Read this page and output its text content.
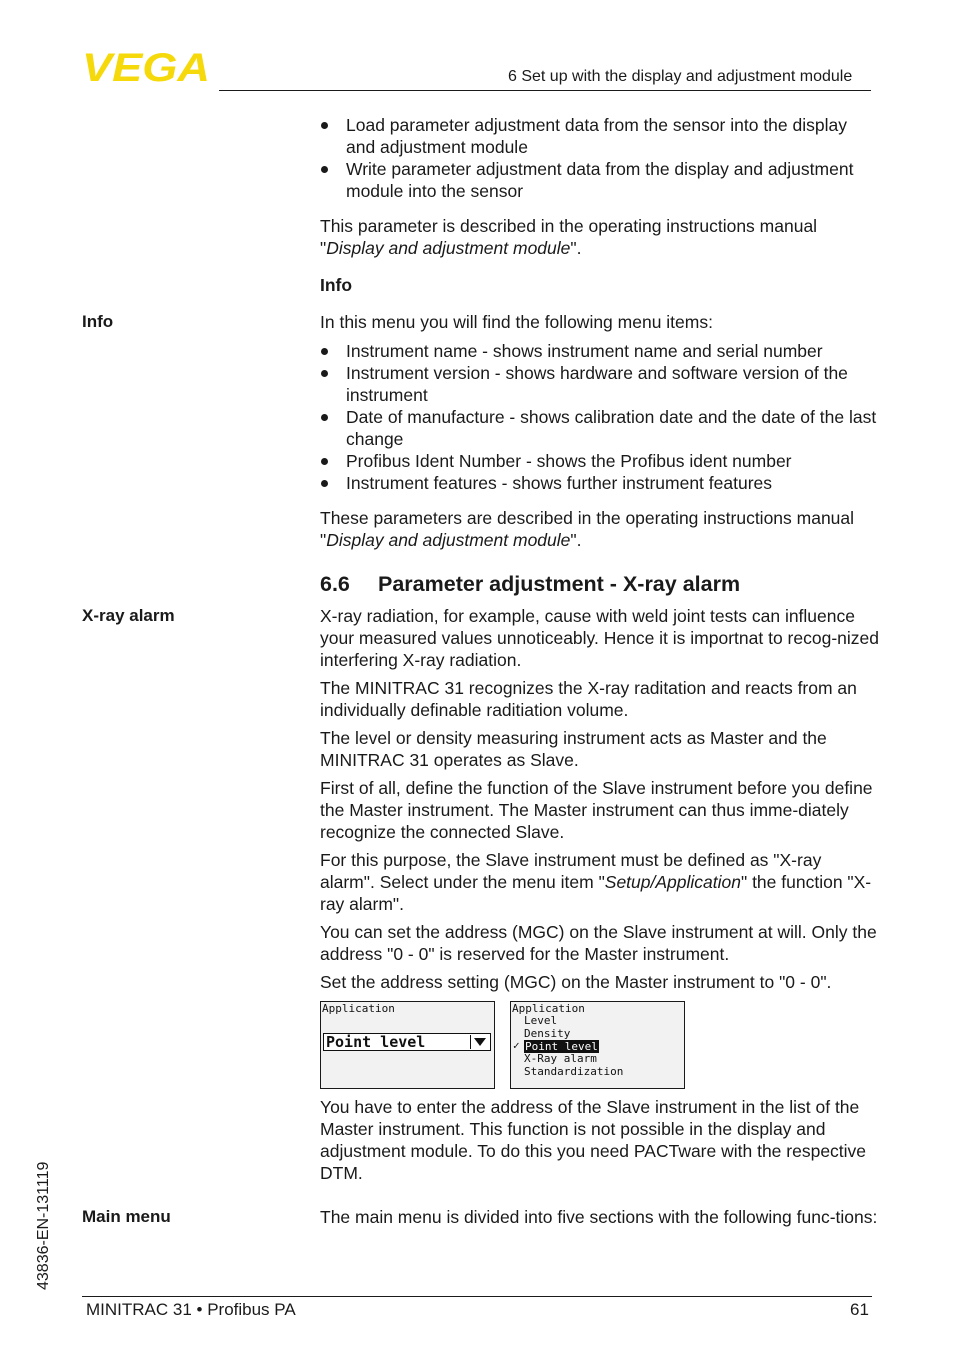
VEGA	6 Set up with the display and adjustment module
Load parameter adjustment data from the sensor into the display and adjustment module
Write parameter adjustment data from the display and adjustment module into the sensor

This parameter is described in the operating instructions manual "Display and adjustment module".

Info
Info	In this menu you will find the following menu items:

Instrument name - shows instrument name and serial number
Instrument version - shows hardware and software version of the instrument
Date of manufacture - shows calibration date and the date of the last change
Profibus Ident Number - shows the Profibus ident number
Instrument features - shows further instrument features

These parameters are described in the operating instructions manual "Display and adjustment module".

6.6 Parameter adjustment - X-ray alarm
X-ray alarm	X-ray radiation, for example, cause with weld joint tests can influence your measured values unnoticeably. Hence it is importnat to recog-nized interfering X-ray radiation.

The MINITRAC 31 recognizes the X-ray raditation and reacts from an individually definable raditiation volume.

The level or density measuring instrument acts as Master and the MINITRAC 31 operates as Slave.

First of all, define the function of the Slave instrument before you define the Master instrument. The Master instrument can thus imme-diately recognize the connected Slave.

For this purpose, the Slave instrument must be defined as "X-ray alarm". Select under the menu item "Setup/Application" the function "X-ray alarm".

You can set the address (MGC) on the Slave instrument at will. Only the address "0 - 0" is reserved for the Master instrument.

Set the address setting (MGC) on the Master instrument to "0 - 0".

Application
Point level
Application
✓
Level
Density
Point level
X-Ray alarm
Standardization
You have to enter the address of the Slave instrument in the list of the Master instrument. This function is not possible in the display and adjustment module. To do this you need PACTware with the respective DTM.
Main menu	The main menu is divided into five sections with the following func-tions:
43836-EN-131119
MINITRAC 31 • Profibus PA	61
